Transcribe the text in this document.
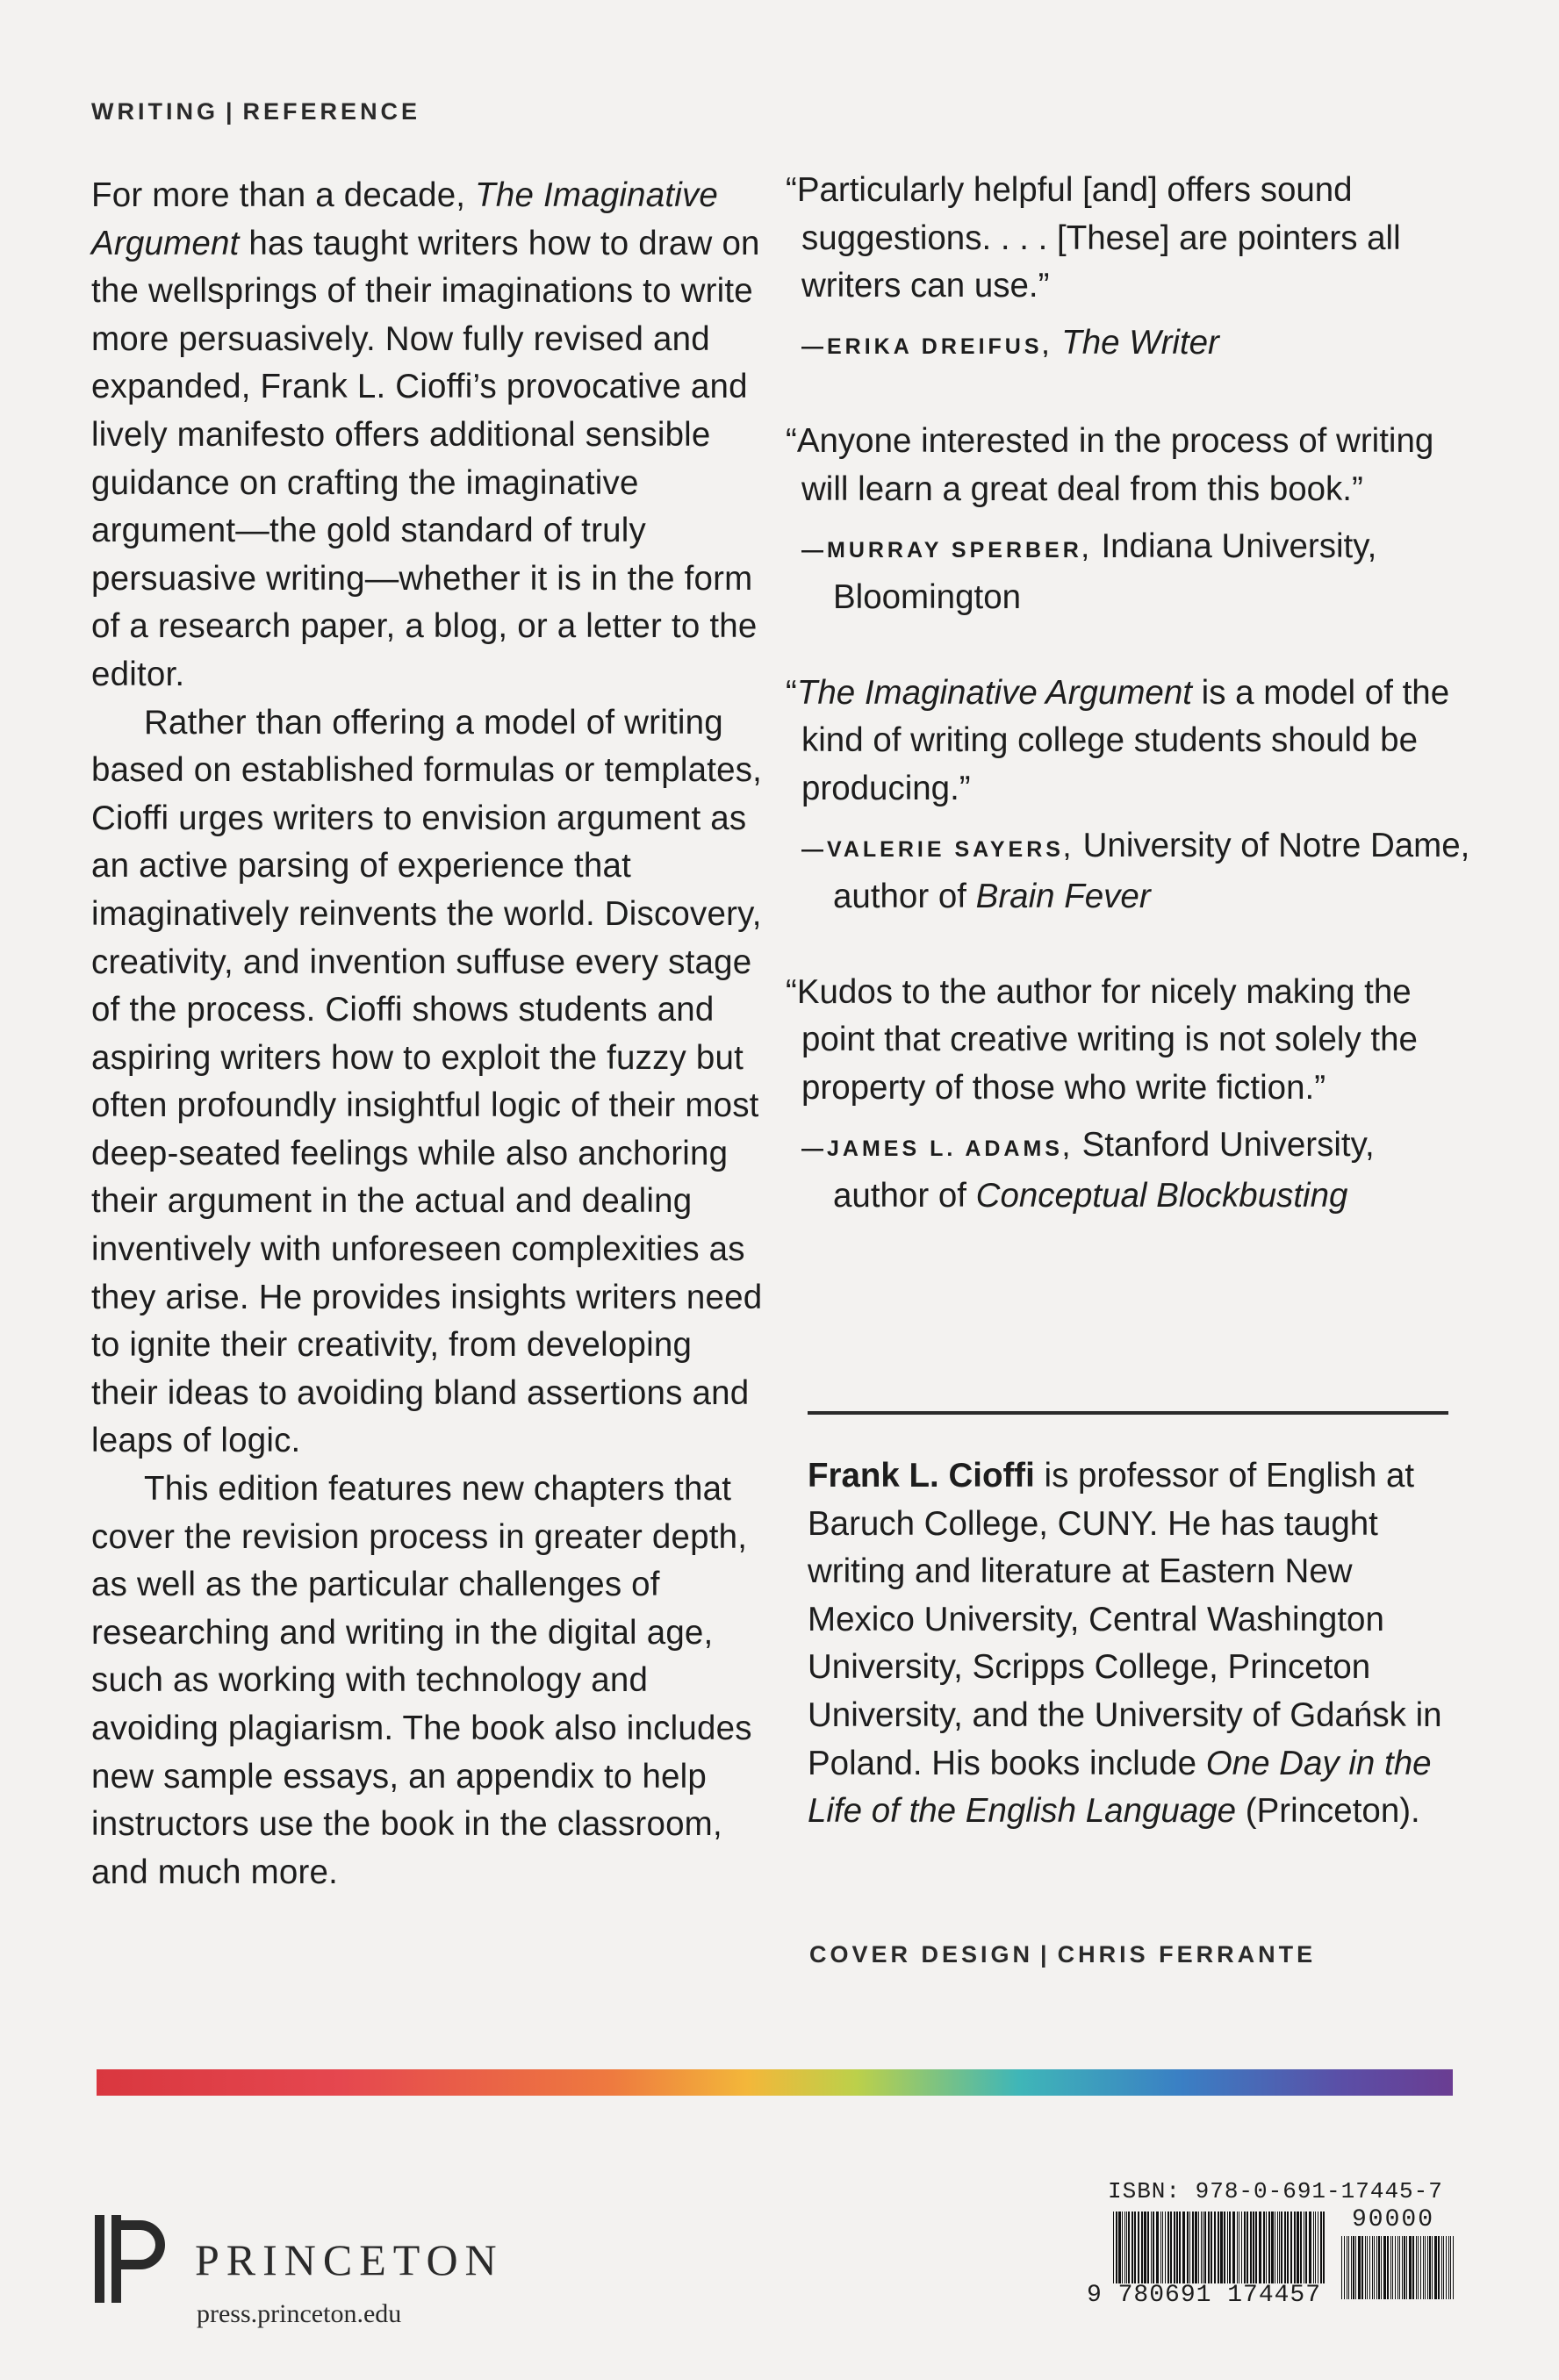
WRITING | REFERENCE

For more than a decade, The Imaginative Argument has taught writers how to draw on the wellsprings of their imaginations to write more persuasively. Now fully revised and expanded, Frank L. Cioffi’s provocative and lively manifesto offers additional sensible guidance on crafting the imaginative argument—the gold standard of truly persuasive writing—whether it is in the form of a research paper, a blog, or a letter to the editor.

Rather than offering a model of writing based on established formulas or templates, Cioffi urges writers to envision argument as an active parsing of experience that imaginatively reinvents the world. Discovery, creativity, and invention suffuse every stage of the process. Cioffi shows students and aspiring writers how to exploit the fuzzy but often profoundly insightful logic of their most deep-seated feelings while also anchoring their argument in the actual and dealing inventively with unforeseen complexities as they arise. He provides insights writers need to ignite their creativity, from developing their ideas to avoiding bland assertions and leaps of logic.

This edition features new chapters that cover the revision process in greater depth, as well as the particular challenges of researching and writing in the digital age, such as working with technology and avoiding plagiarism. The book also includes new sample essays, an appendix to help instructors use the book in the classroom, and much more.

“Particularly helpful [and] offers sound suggestions. . . . [These] are pointers all writers can use.”

—ERIKA DREIFUS, The Writer

“Anyone interested in the process of writing will learn a great deal from this book.”

—MURRAY SPERBER, Indiana University, Bloomington

“The Imaginative Argument is a model of the kind of writing college students should be producing.”

—VALERIE SAYERS, University of Notre Dame, author of Brain Fever

“Kudos to the author for nicely making the point that creative writing is not solely the property of those who write fiction.”

—JAMES L. ADAMS, Stanford University, author of Conceptual Blockbusting

Frank L. Cioffi is professor of English at Baruch College, CUNY. He has taught writing and literature at Eastern New Mexico University, Central Washington University, Scripps College, Princeton University, and the University of Gdańsk in Poland. His books include One Day in the Life of the English Language (Princeton).

COVER DESIGN | CHRIS FERRANTE
PRINCETON
press.princeton.edu
ISBN: 978-0-691-17445-7
90000
9 780691 174457
